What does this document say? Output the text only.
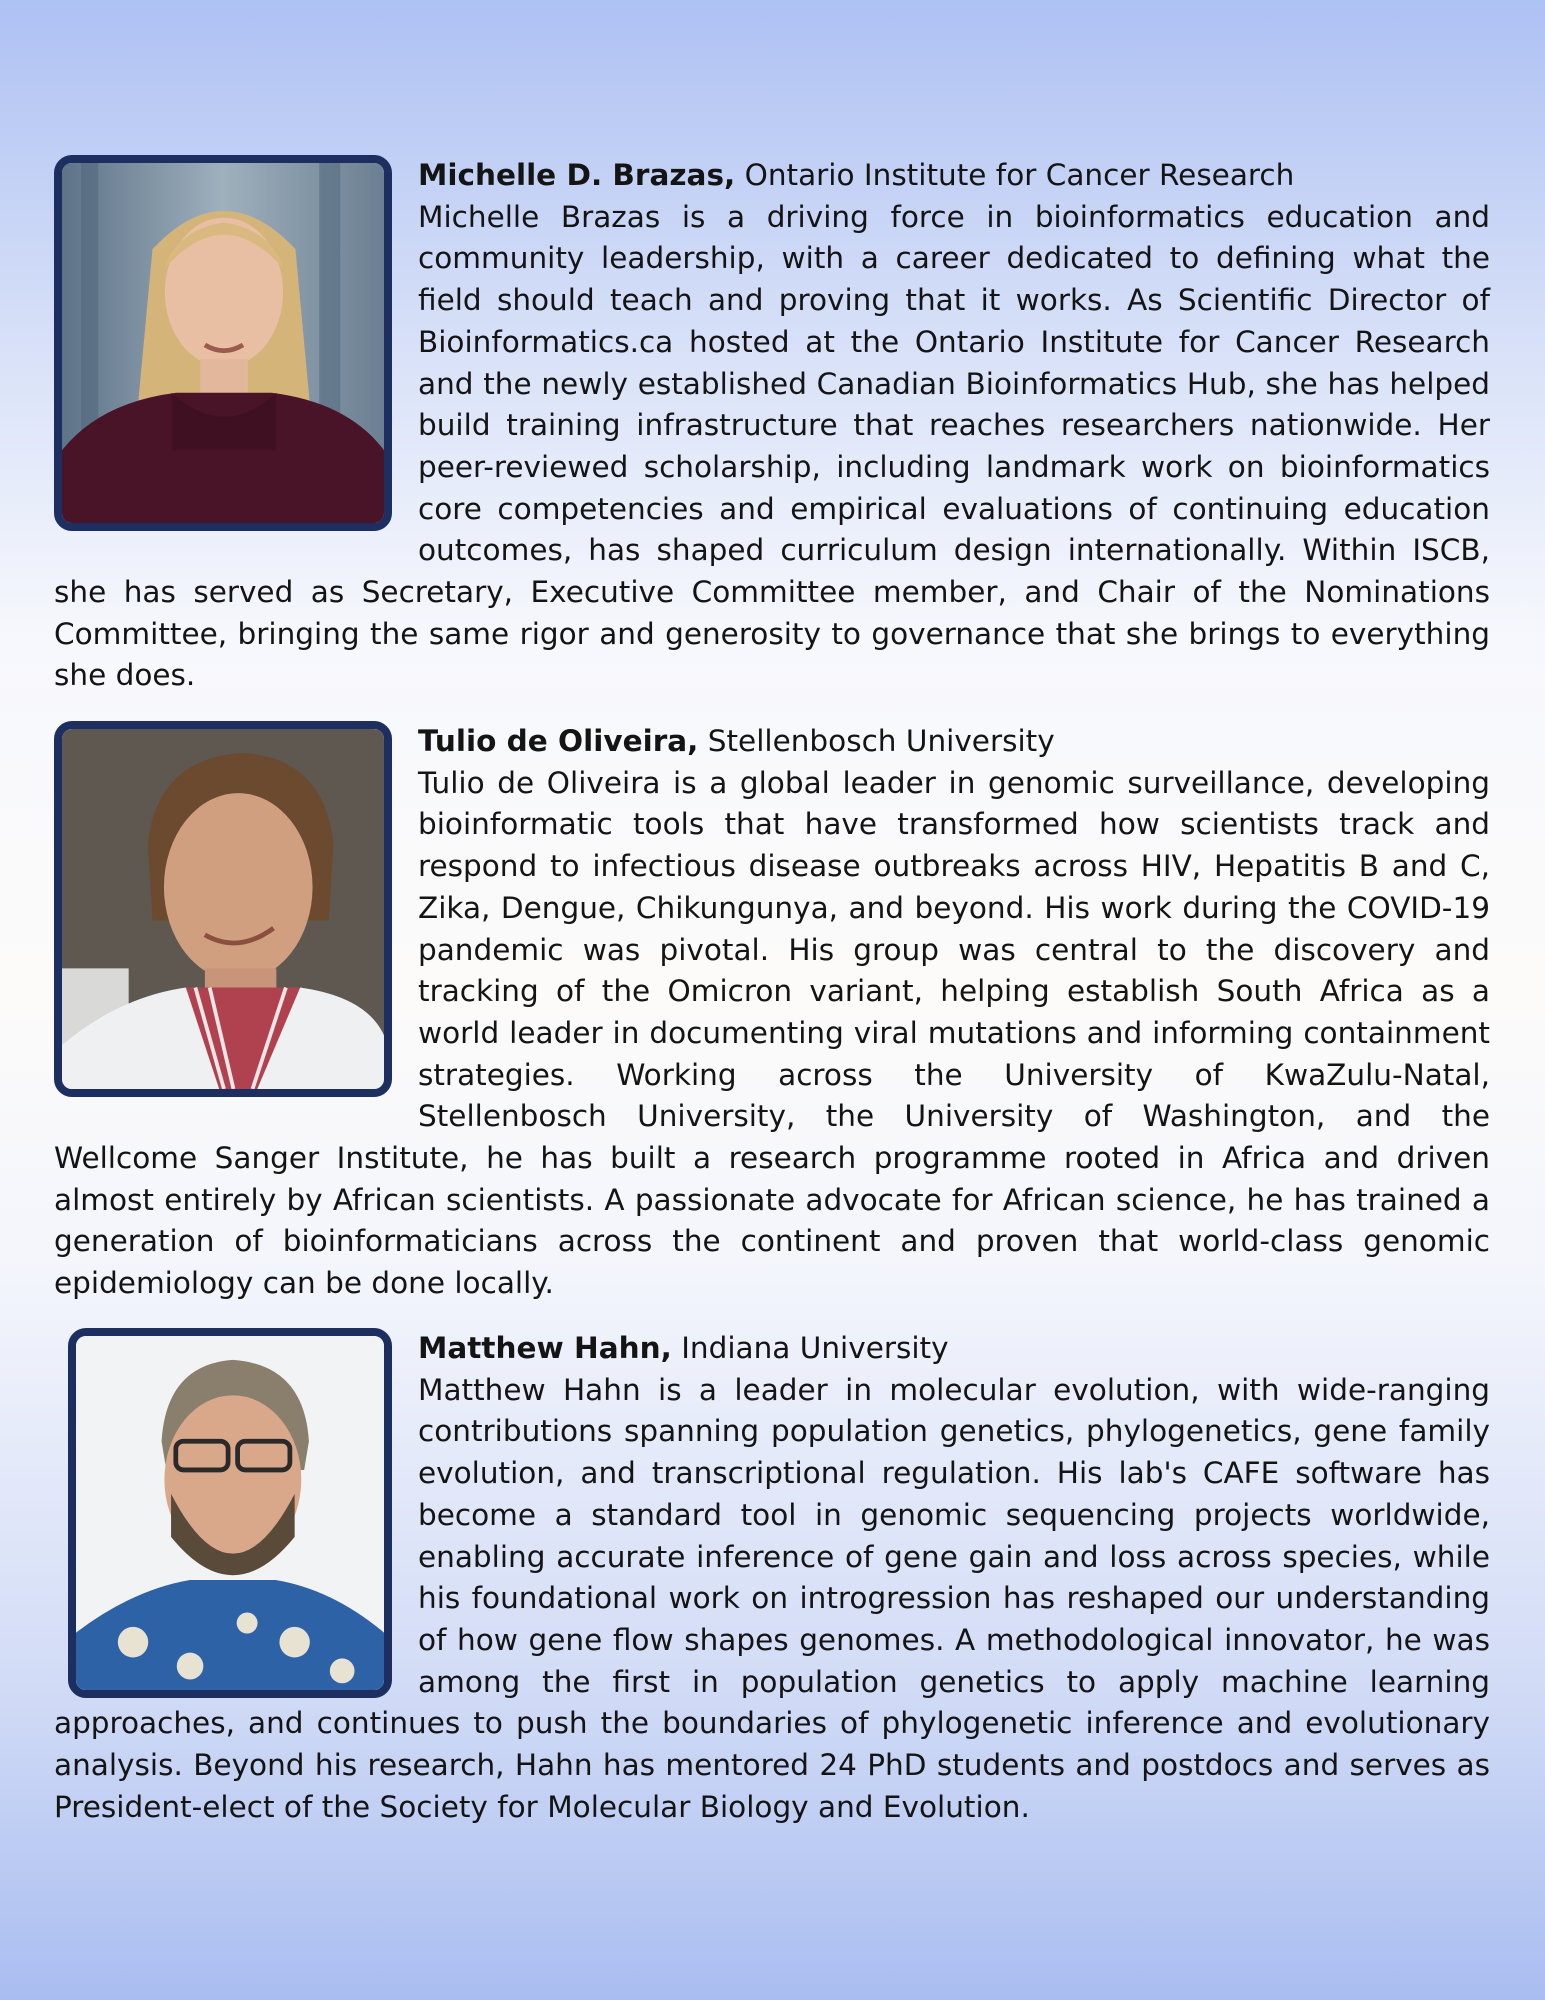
Michelle D. Brazas, Ontario Institute for Cancer Research
Michelle Brazas is a driving force in bioinformatics education and community leadership, with a career dedicated to defining what the field should teach and proving that it works. As Scientific Director of Bioinformatics.ca hosted at the Ontario Institute for Cancer Research and the newly established Canadian Bioinformatics Hub, she has helped build training infrastructure that reaches researchers nationwide. Her peer-reviewed scholarship, including landmark work on bioinformatics core competencies and empirical evaluations of continuing education outcomes, has shaped curriculum design internationally. Within ISCB, she has served as Secretary, Executive Committee member, and Chair of the Nominations Committee, bringing the same rigor and generosity to governance that she brings to everything she does.

Tulio de Oliveira, Stellenbosch University
Tulio de Oliveira is a global leader in genomic surveillance, developing bioinformatic tools that have transformed how scientists track and respond to infectious disease outbreaks across HIV, Hepatitis B and C, Zika, Dengue, Chikungunya, and beyond. His work during the COVID-19 pandemic was pivotal. His group was central to the discovery and tracking of the Omicron variant, helping establish South Africa as a world leader in documenting viral mutations and informing containment strategies. Working across the University of KwaZulu-Natal, Stellenbosch University, the University of Washington, and the Wellcome Sanger Institute, he has built a research programme rooted in Africa and driven almost entirely by African scientists. A passionate advocate for African science, he has trained a generation of bioinformaticians across the continent and proven that world-class genomic epidemiology can be done locally.

Matthew Hahn, Indiana University
Matthew Hahn is a leader in molecular evolution, with wide-ranging contributions spanning population genetics, phylogenetics, gene family evolution, and transcriptional regulation. His lab's CAFE software has become a standard tool in genomic sequencing projects worldwide, enabling accurate inference of gene gain and loss across species, while his foundational work on introgression has reshaped our understanding of how gene flow shapes genomes. A methodological innovator, he was among the first in population genetics to apply machine learning approaches, and continues to push the boundaries of phylogenetic inference and evolutionary analysis. Beyond his research, Hahn has mentored 24 PhD students and postdocs and serves as President-elect of the Society for Molecular Biology and Evolution.
